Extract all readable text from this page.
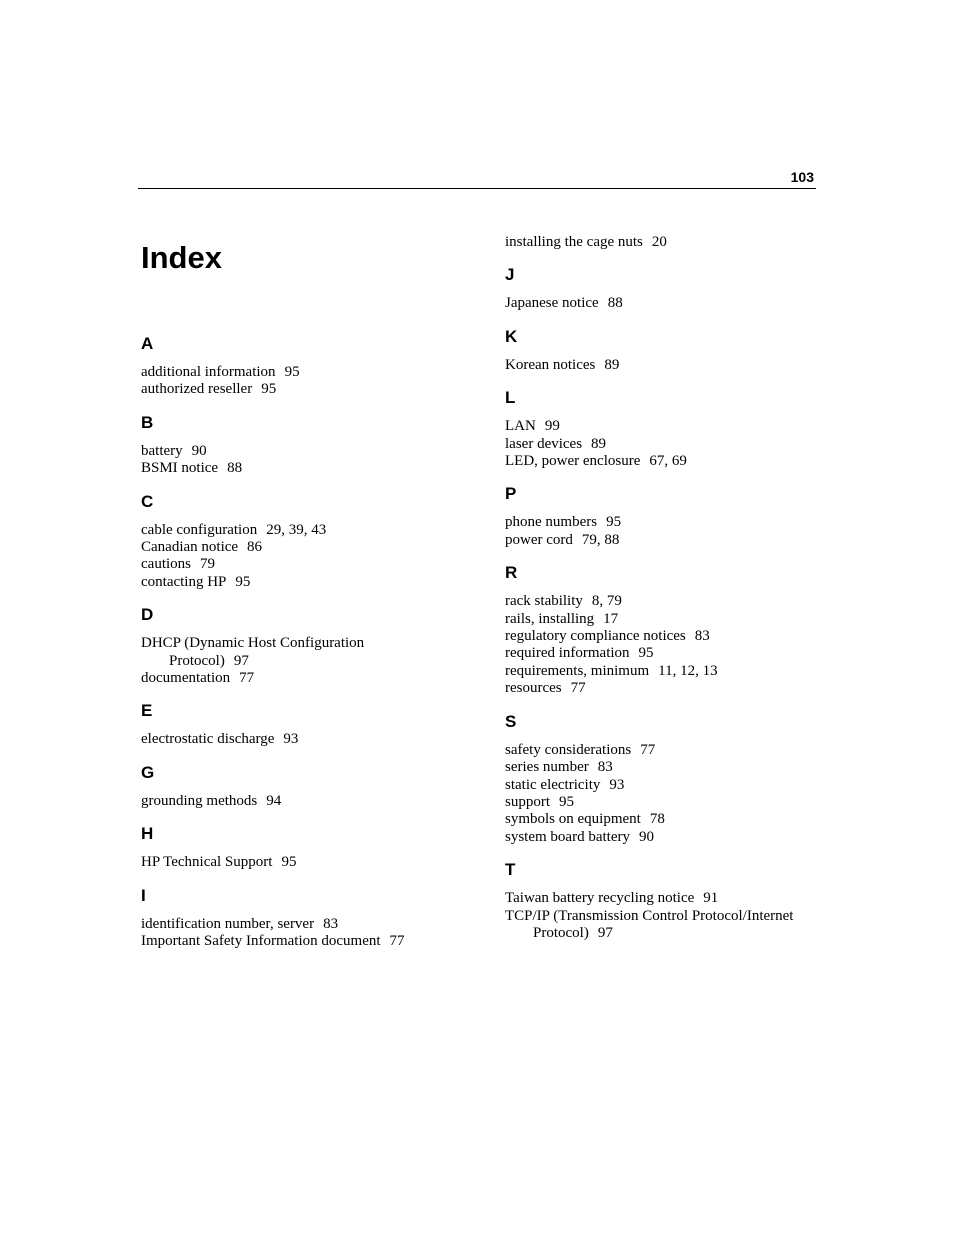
103
Index
A
additional information 95
authorized reseller 95
B
battery 90
BSMI notice 88
C
cable configuration 29, 39, 43
Canadian notice 86
cautions 79
contacting HP 95
D
DHCP (Dynamic Host Configuration
Protocol) 97
documentation 77
E
electrostatic discharge 93
G
grounding methods 94
H
HP Technical Support 95
I
identification number, server 83
Important Safety Information document 77
installing the cage nuts 20
J
Japanese notice 88
K
Korean notices 89
L
LAN 99
laser devices 89
LED, power enclosure 67, 69
P
phone numbers 95
power cord 79, 88
R
rack stability 8, 79
rails, installing 17
regulatory compliance notices 83
required information 95
requirements, minimum 11, 12, 13
resources 77
S
safety considerations 77
series number 83
static electricity 93
support 95
symbols on equipment 78
system board battery 90
T
Taiwan battery recycling notice 91
TCP/IP (Transmission Control Protocol/Internet
Protocol) 97
